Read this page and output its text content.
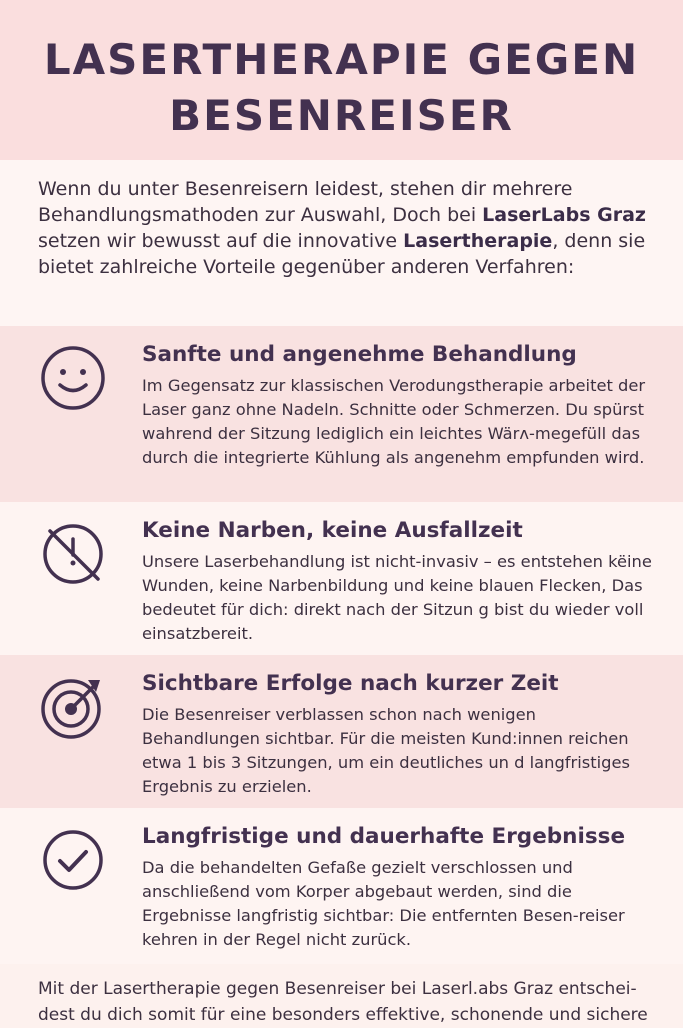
LASERTHERAPIE GEGEN BESENREISER
Wenn du unter Besenreisern leidest, stehen dir mehrere Behandlungsmathoden zur Auswahl, Doch bei LaserLabs Graz setzen wir bewusst auf die innovative Lasertherapie, denn sie bietet zahlreiche Vorteile gegenüber anderen Verfahren:
Sanfte und angenehme Behandlung

Im Gegensatz zur klassischen Verodungstherapie arbeitet der Laser ganz ohne Nadeln. Schnitte oder Schmerzen. Du spürst wahrend der Sitzung lediglich ein leichtes Wärʌ-megefüll das durch die integrierte Kühlung als angenehm empfunden wird.

Keine Narben, keine Ausfallzeit

Unsere Laserbehandlung ist nicht-invasiv – es entstehen këine Wunden, keine Narbenbildung und keine blauen Flecken, Das bedeutet für dich: direkt nach der Sitzun g bist du wieder voll einsatzbereit.

Sichtbare Erfolge nach kurzer Zeit

Die Besenreiser verblassen schon nach wenigen Behandlungen sichtbar. Für die meisten Kund:innen reichen etwa 1 bis 3 Sitzungen, um ein deutliches un d langfristiges Ergebnis zu erzielen.

Langfristige und dauerhafte Ergebnisse

Da die behandelten Gefaße gezielt verschlossen und anschließend vom Korper abgebaut werden, sind die Ergebnisse langfristig sichtbar: Die entfernten Besen-reiser kehren in der Regel nicht zurück.

Mit der Lasertherapie gegen Besenreiser bei Laserl.abs Graz entschei-dest du dich somit für eine besonders effektive, schonende und sichere
